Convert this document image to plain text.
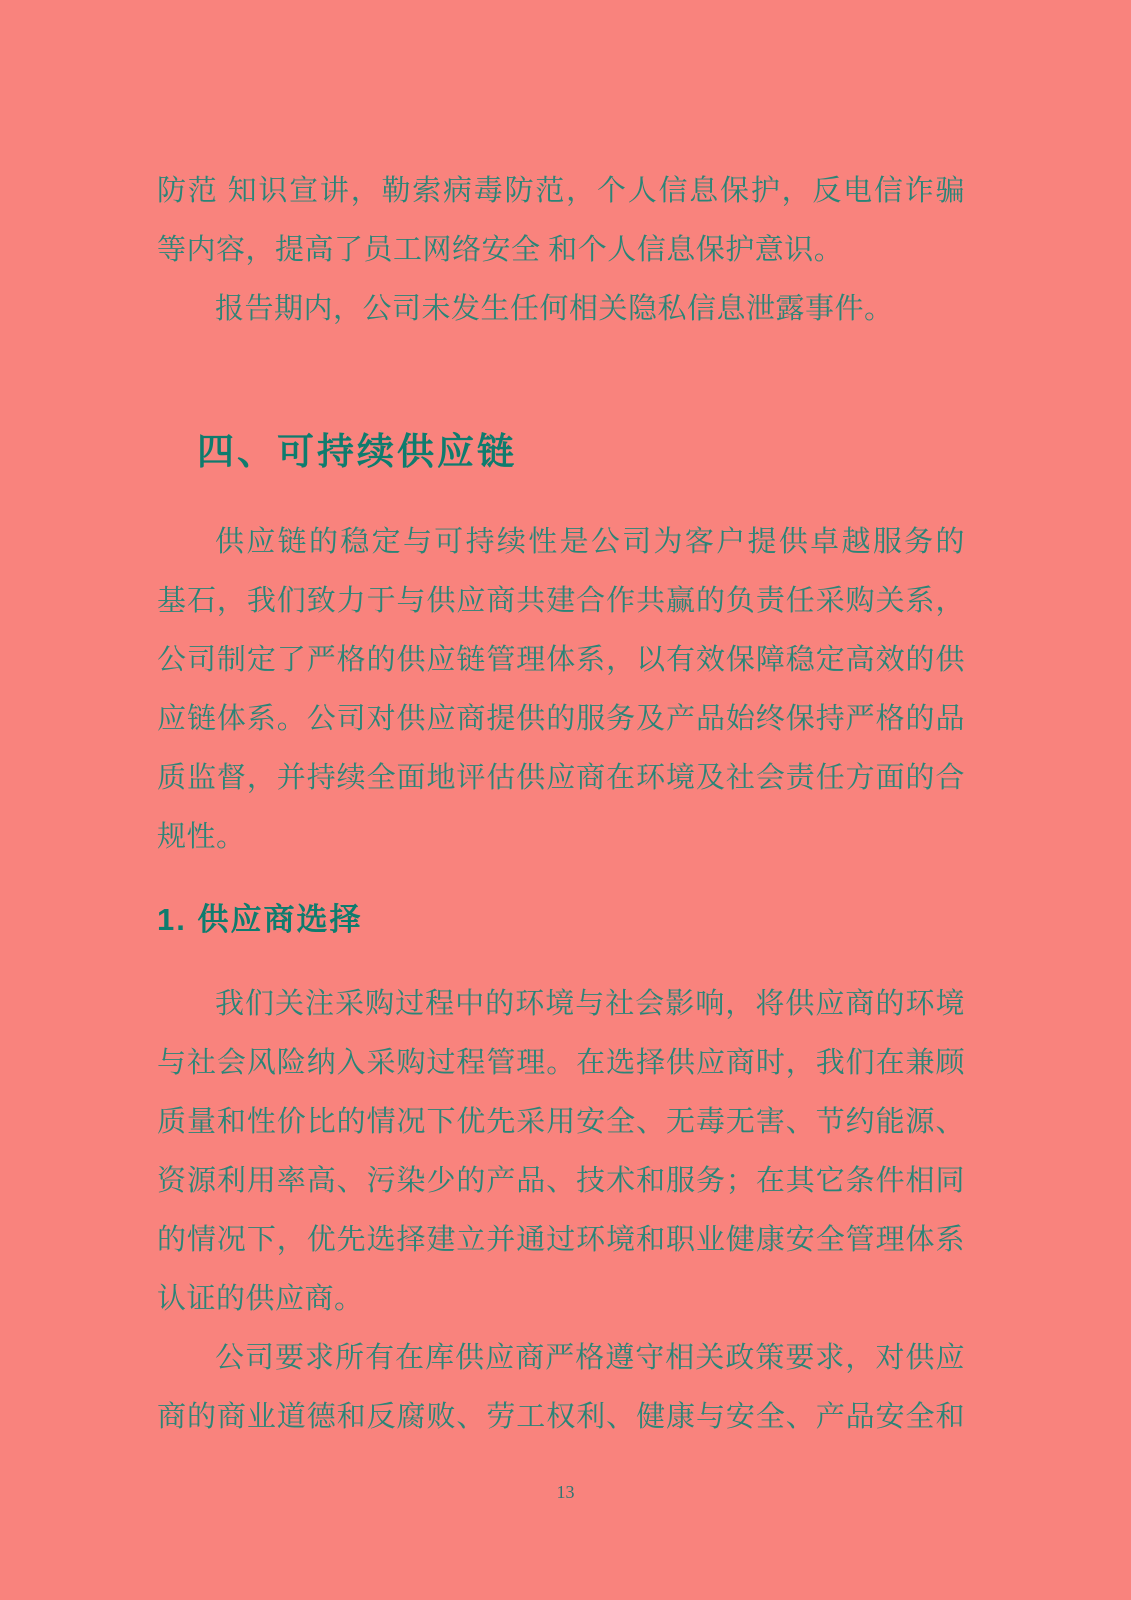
防范 知识宣讲，勒索病毒防范，个人信息保护，反电信诈骗
等内容，提高了员工网络安全 和个人信息保护意识。
报告期内，公司未发生任何相关隐私信息泄露事件。
四、可持续供应链
供应链的稳定与可持续性是公司为客户提供卓越服务的
基石，我们致力于与供应商共建合作共赢的负责任采购关系，
公司制定了严格的供应链管理体系，以有效保障稳定高效的供
应链体系。公司对供应商提供的服务及产品始终保持严格的品
质监督，并持续全面地评估供应商在环境及社会责任方面的合
规性。
1. 供应商选择
我们关注采购过程中的环境与社会影响，将供应商的环境
与社会风险纳入采购过程管理。在选择供应商时，我们在兼顾
质量和性价比的情况下优先采用安全、无毒无害、节约能源、
资源利用率高、污染少的产品、技术和服务；在其它条件相同
的情况下，优先选择建立并通过环境和职业健康安全管理体系
认证的供应商。
公司要求所有在库供应商严格遵守相关政策要求，对供应
商的商业道德和反腐败、劳工权利、健康与安全、产品安全和
13
